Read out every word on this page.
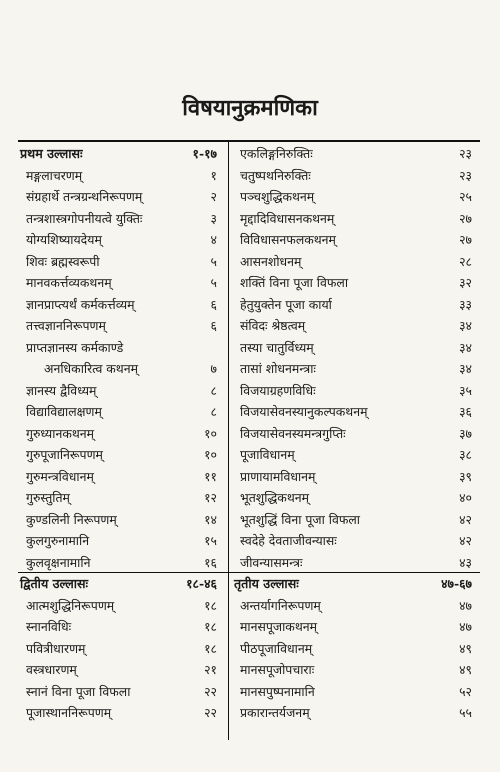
विषयानुक्रमणिका
प्रथम उल्लासः	१-१७
मङ्गलाचरणम्	१
संग्रहार्थे तन्त्रग्रन्थनिरूपणम्	२
तन्त्रशास्त्रगोपनीयत्वे युक्तिः	३
योग्यशिष्यायदेयम्	४
शिवः ब्रह्मस्वरूपी	५
मानवकर्त्तव्यकथनम्	५
ज्ञानप्राप्त्यर्थं कर्मकर्त्तव्यम्	६
तत्त्वज्ञाननिरूपणम्	६
प्राप्तज्ञानस्य कर्मकाण्डे
अनधिकारित्व कथनम्	७
ज्ञानस्य द्वैविध्यम्	८
विद्याविद्यालक्षणम्	८
गुरुध्यानकथनम्	१०
गुरुपूजानिरूपणम्	१०
गुरुमन्त्रविधानम्	११
गुरुस्तुतिम्	१२
कुण्डलिनी निरूपणम्	१४
कुलगुरुनामानि	१५
कुलवृक्षनामानि	१६
द्वितीय उल्लासः	१८-४६
आत्मशुद्धिनिरूपणम्	१८
स्नानविधिः	१८
पवित्रीधारणम्	१८
वस्त्रधारणम्	२१
स्नानं विना पूजा विफला	२२
पूजास्थाननिरूपणम्	२२
एकलिङ्गनिरुक्तिः	२३
चतुष्पथनिरुक्तिः	२३
पञ्चशुद्धिकथनम्	२५
मृद्दादिविधासनकथनम्	२७
विविधासनफलकथनम्	२७
आसनशोधनम्	२८
शक्तिं विना पूजा विफला	३२
हेतुयुक्तेन पूजा कार्या	३३
संविदः श्रेष्ठत्वम्	३४
तस्या चातुर्विध्यम्	३४
तासां शोधनमन्त्राः	३४
विजयाग्रहणविधिः	३५
विजयासेवनस्यानुकल्पकथनम्	३६
विजयासेवनस्यमन्त्रगुप्तिः	३७
पूजाविधानम्	३८
प्राणायामविधानम्	३९
भूतशुद्धिकथनम्	४०
भूतशुद्धिं विना पूजा विफला	४२
स्वदेहे देवताजीवन्यासः	४२
जीवन्यासमन्त्रः	४३
तृतीय उल्लासः	४७-६७
अन्तर्यागनिरूपणम्	४७
मानसपूजाकथनम्	४७
पीठपूजाविधानम्	४९
मानसपूजोपचाराः	४९
मानसपुष्पनामानि	५२
प्रकारान्तर्यजनम्	५५
